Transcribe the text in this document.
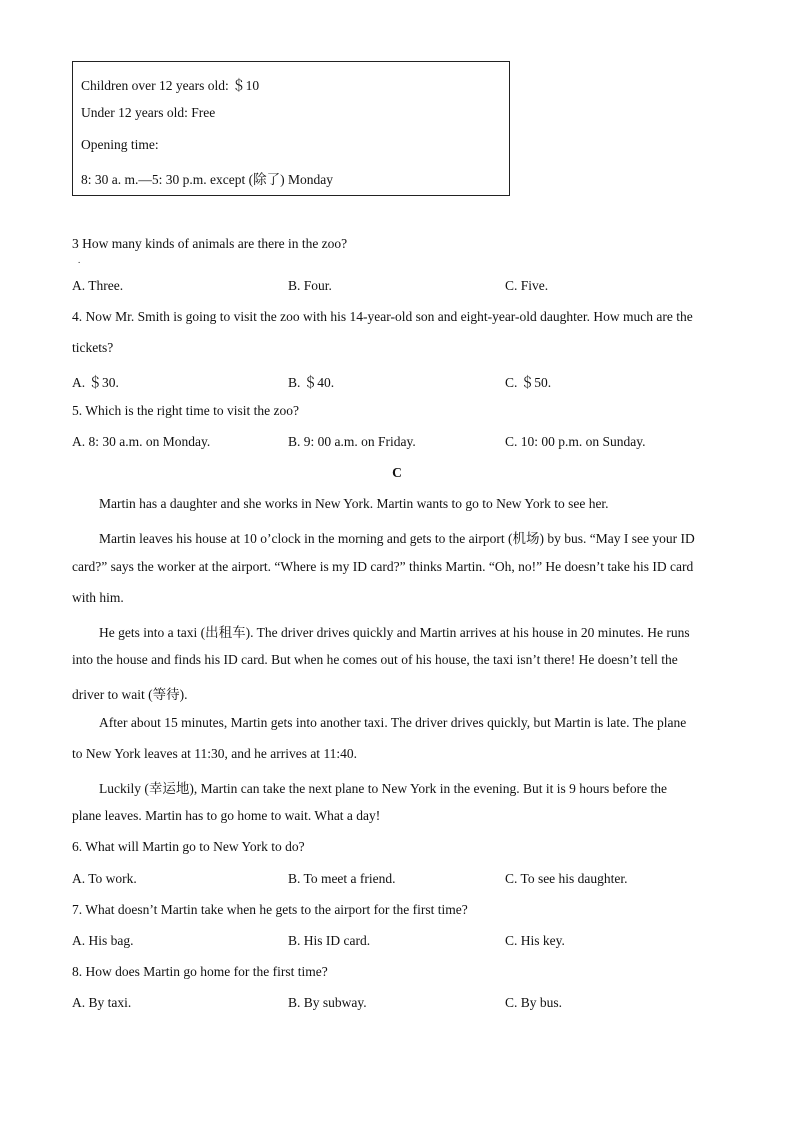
Children over 12 years old: ＄10
Under 12 years old: Free
Opening time:
8: 30 a. m.—5: 30 p.m. except (除了) Monday
3 How many kinds of animals are there in the zoo?
.
A. Three.	B. Four.	C. Five.
4. Now Mr. Smith is going to visit the zoo with his 14-year-old son and eight-year-old daughter. How much are the
tickets?
A. ＄30.	B. ＄40.	C. ＄50.
5. Which is the right time to visit the zoo?
A. 8: 30 a.m. on Monday.	B. 9: 00 a.m. on Friday.	C. 10: 00 p.m. on Sunday.
C
Martin has a daughter and she works in New York. Martin wants to go to New York to see her.
Martin leaves his house at 10 o’clock in the morning and gets to the airport (机场) by bus. “May I see your ID
card?” says the worker at the airport. “Where is my ID card?” thinks Martin. “Oh, no!” He doesn’t take his ID card
with him.
He gets into a taxi (出租车). The driver drives quickly and Martin arrives at his house in 20 minutes. He runs
into the house and finds his ID card. But when he comes out of his house, the taxi isn’t there! He doesn’t tell the
driver to wait (等待).
After about 15 minutes, Martin gets into another taxi. The driver drives quickly, but Martin is late. The plane
to New York leaves at 11:30, and he arrives at 11:40.
Luckily (幸运地), Martin can take the next plane to New York in the evening. But it is 9 hours before the
plane leaves. Martin has to go home to wait. What a day!
6. What will Martin go to New York to do?
A. To work.	B. To meet a friend.	C. To see his daughter.
7. What doesn’t Martin take when he gets to the airport for the first time?
A. His bag.	B. His ID card.	C. His key.
8. How does Martin go home for the first time?
A. By taxi.	B. By subway.	C. By bus.
